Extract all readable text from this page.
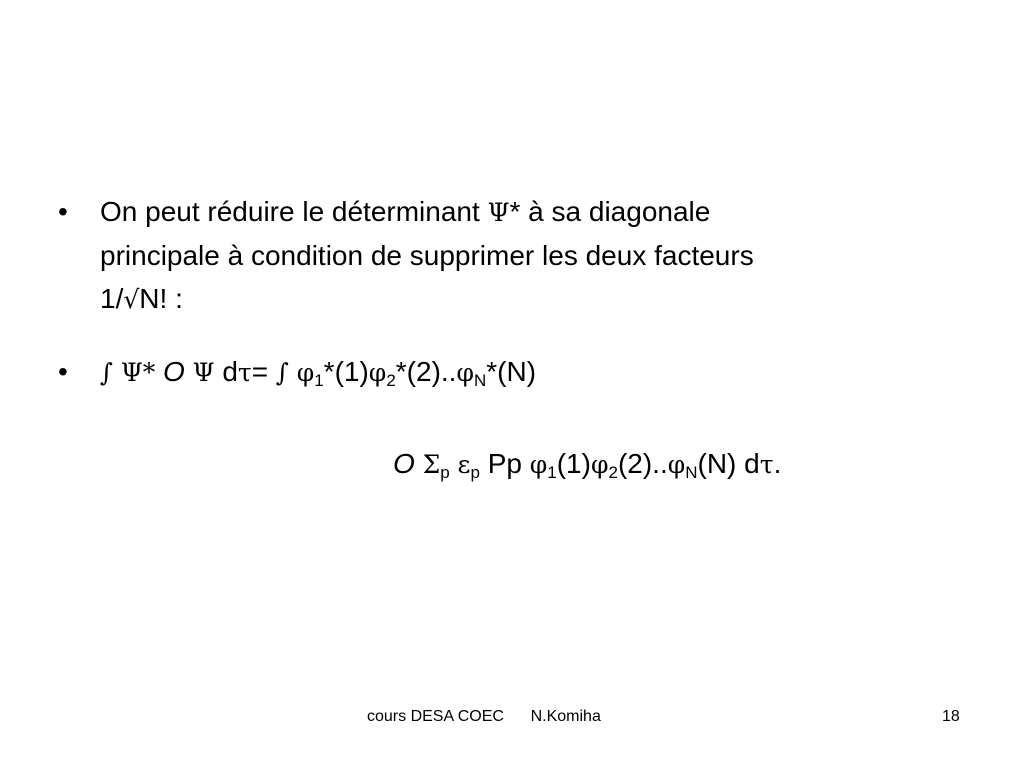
• On peut réduire le déterminant Ψ* à sa diagonale
principale à condition de supprimer les deux facteurs
1/√N! :
• ∫ Ψ* O Ψ dτ= ∫ $\varphi_1*(1)\varphi_2*(2)..\varphi_N*(N)$
O $\Sigma_p$ $\varepsilon_p$ Pp $\varphi_1(1)\varphi_2(2)..\varphi_N(N)$ dτ.
cours DESA COEC      N.Komiha	18
